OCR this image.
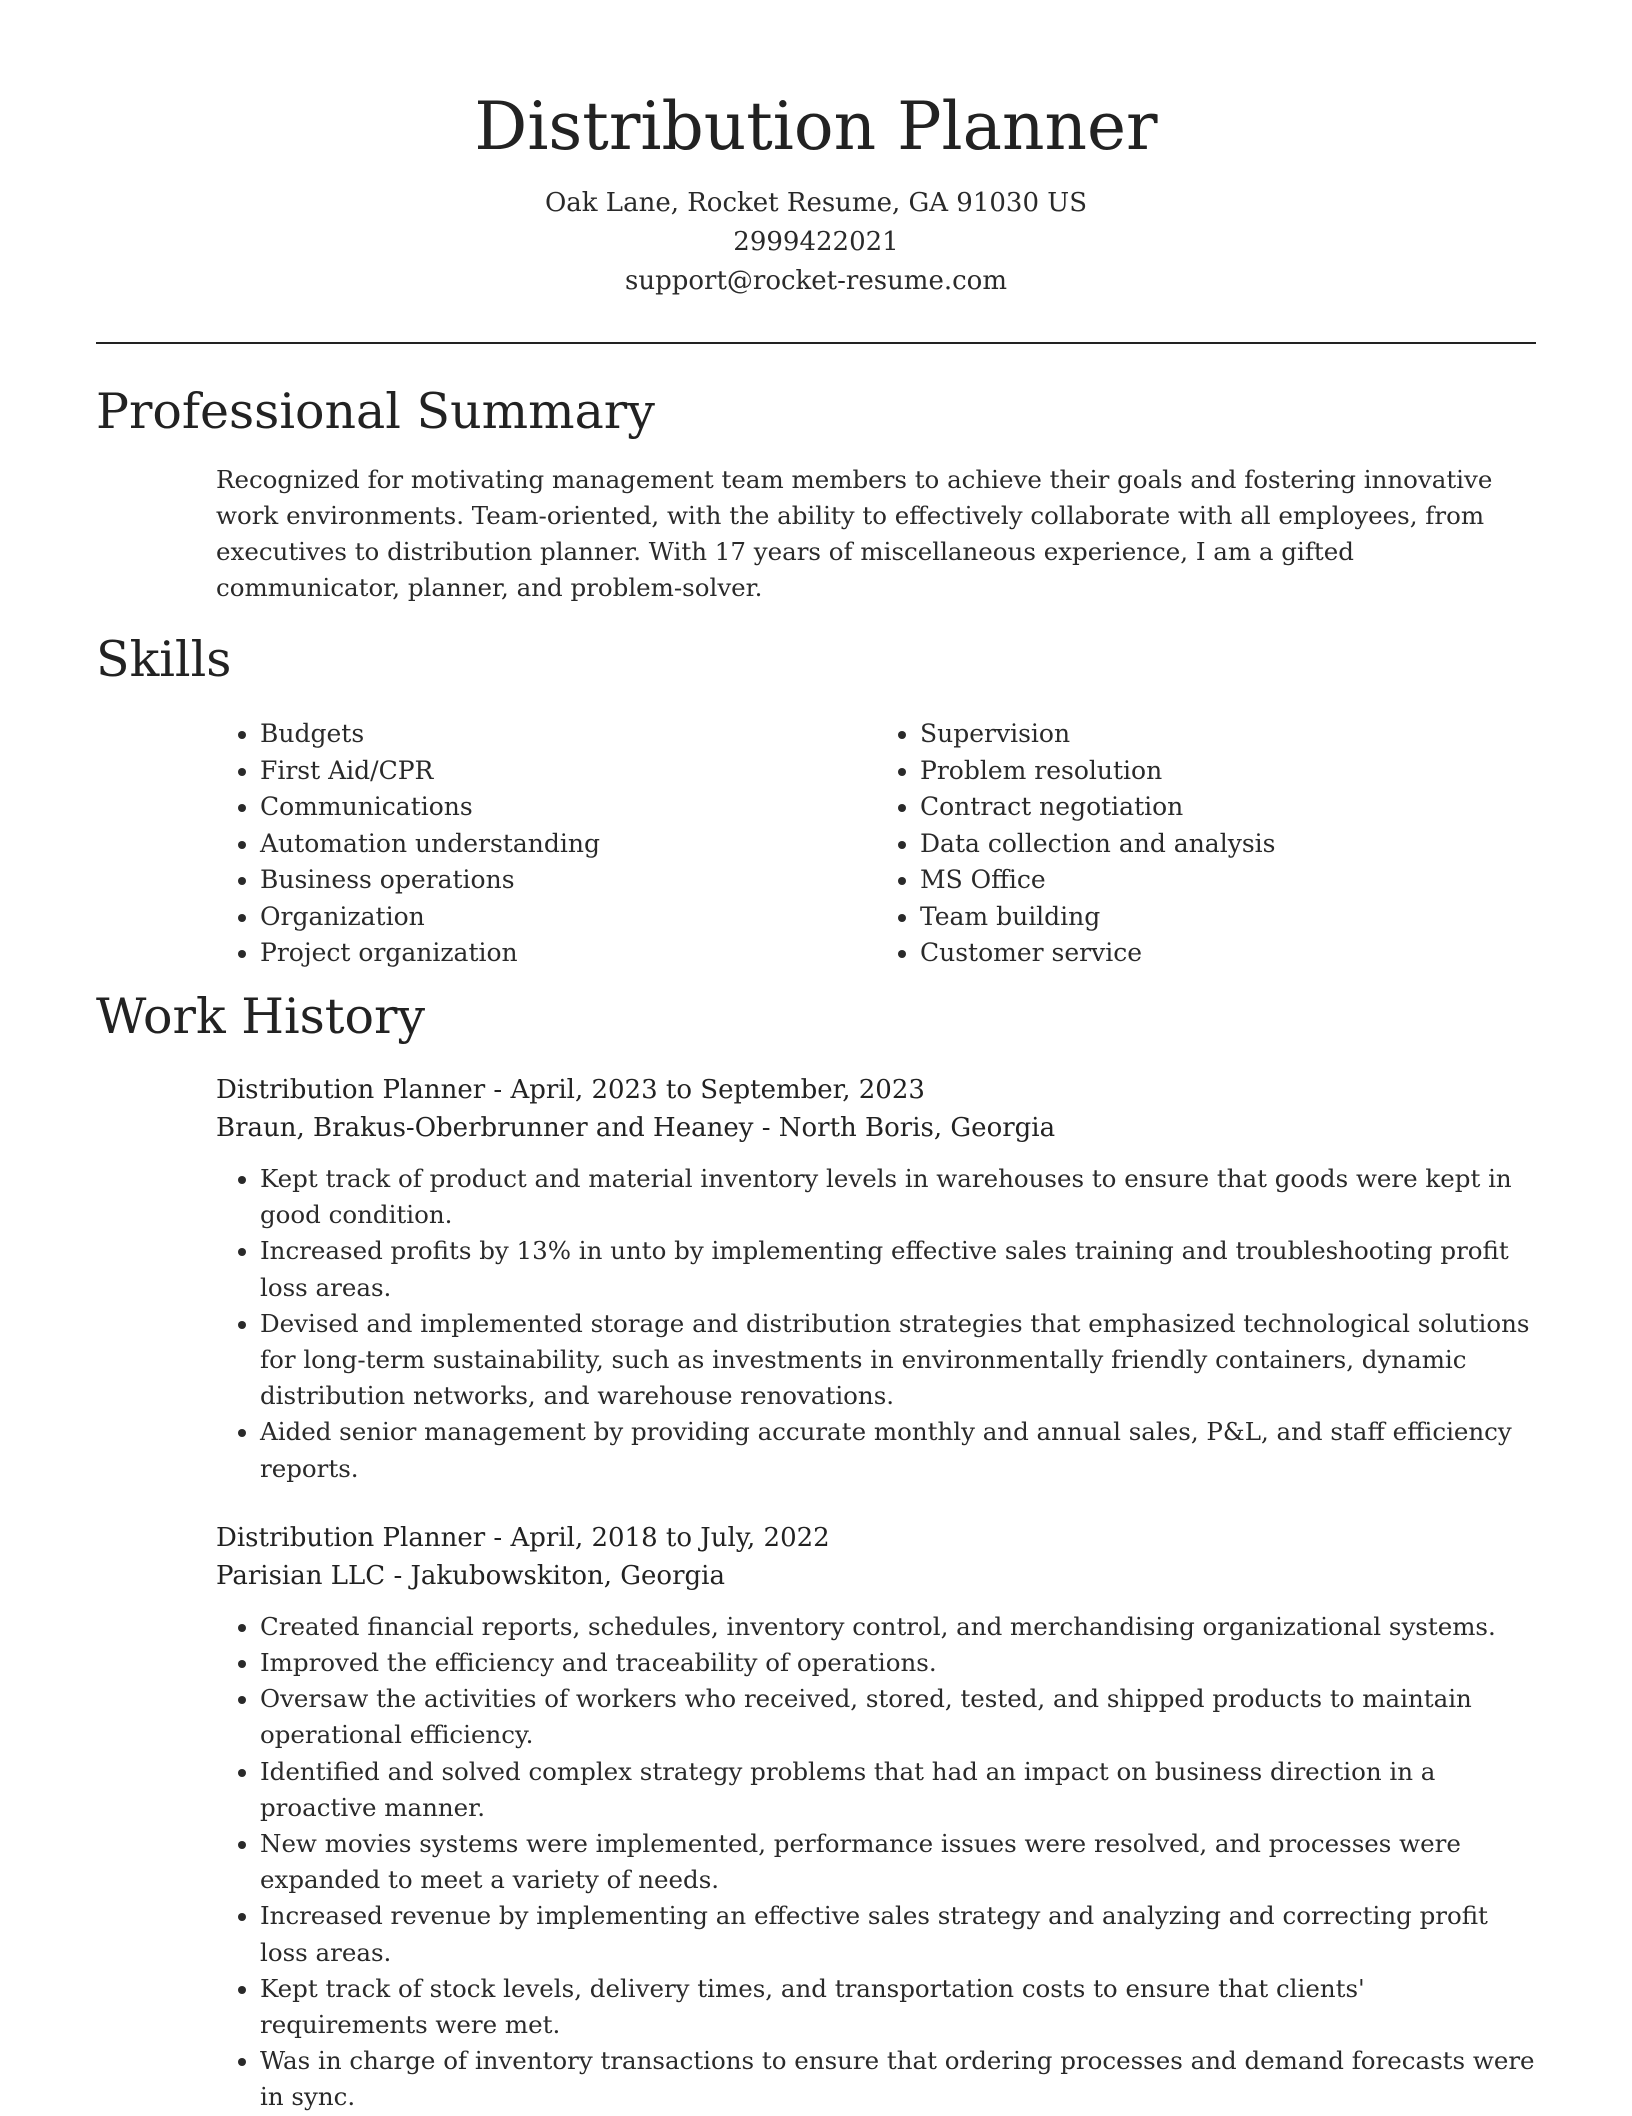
Distribution Planner
Oak Lane, Rocket Resume, GA 91030 US
2999422021
support@rocket-resume.com
Professional Summary

Recognized for motivating management team members to achieve their goals and fostering innovative work environments. Team-oriented, with the ability to effectively collaborate with all employees, from executives to distribution planner. With 17 years of miscellaneous experience, I am a gifted communicator, planner, and problem-solver.

Skills
• Budgets
• First Aid/CPR
• Communications
• Automation understanding
• Business operations
• Organization
• Project organization
• Supervision
• Problem resolution
• Contract negotiation
• Data collection and analysis
• MS Office
• Team building
• Customer service
Work History
Distribution Planner - April, 2023 to September, 2023
Braun, Brakus-Oberbrunner and Heaney - North Boris, Georgia
• Kept track of product and material inventory levels in warehouses to ensure that goods were kept in good condition.
• Increased profits by 13% in unto by implementing effective sales training and troubleshooting profit loss areas.
• Devised and implemented storage and distribution strategies that emphasized technological solutions for long-term sustainability, such as investments in environmentally friendly containers, dynamic distribution networks, and warehouse renovations.
• Aided senior management by providing accurate monthly and annual sales, P&L, and staff efficiency reports.
Distribution Planner - April, 2018 to July, 2022
Parisian LLC - Jakubowskiton, Georgia
• Created financial reports, schedules, inventory control, and merchandising organizational systems.
• Improved the efficiency and traceability of operations.
• Oversaw the activities of workers who received, stored, tested, and shipped products to maintain operational efficiency.
• Identified and solved complex strategy problems that had an impact on business direction in a proactive manner.
• New movies systems were implemented, performance issues were resolved, and processes were expanded to meet a variety of needs.
• Increased revenue by implementing an effective sales strategy and analyzing and correcting profit loss areas.
• Kept track of stock levels, delivery times, and transportation costs to ensure that clients' requirements were met.
• Was in charge of inventory transactions to ensure that ordering processes and demand forecasts were in sync.
